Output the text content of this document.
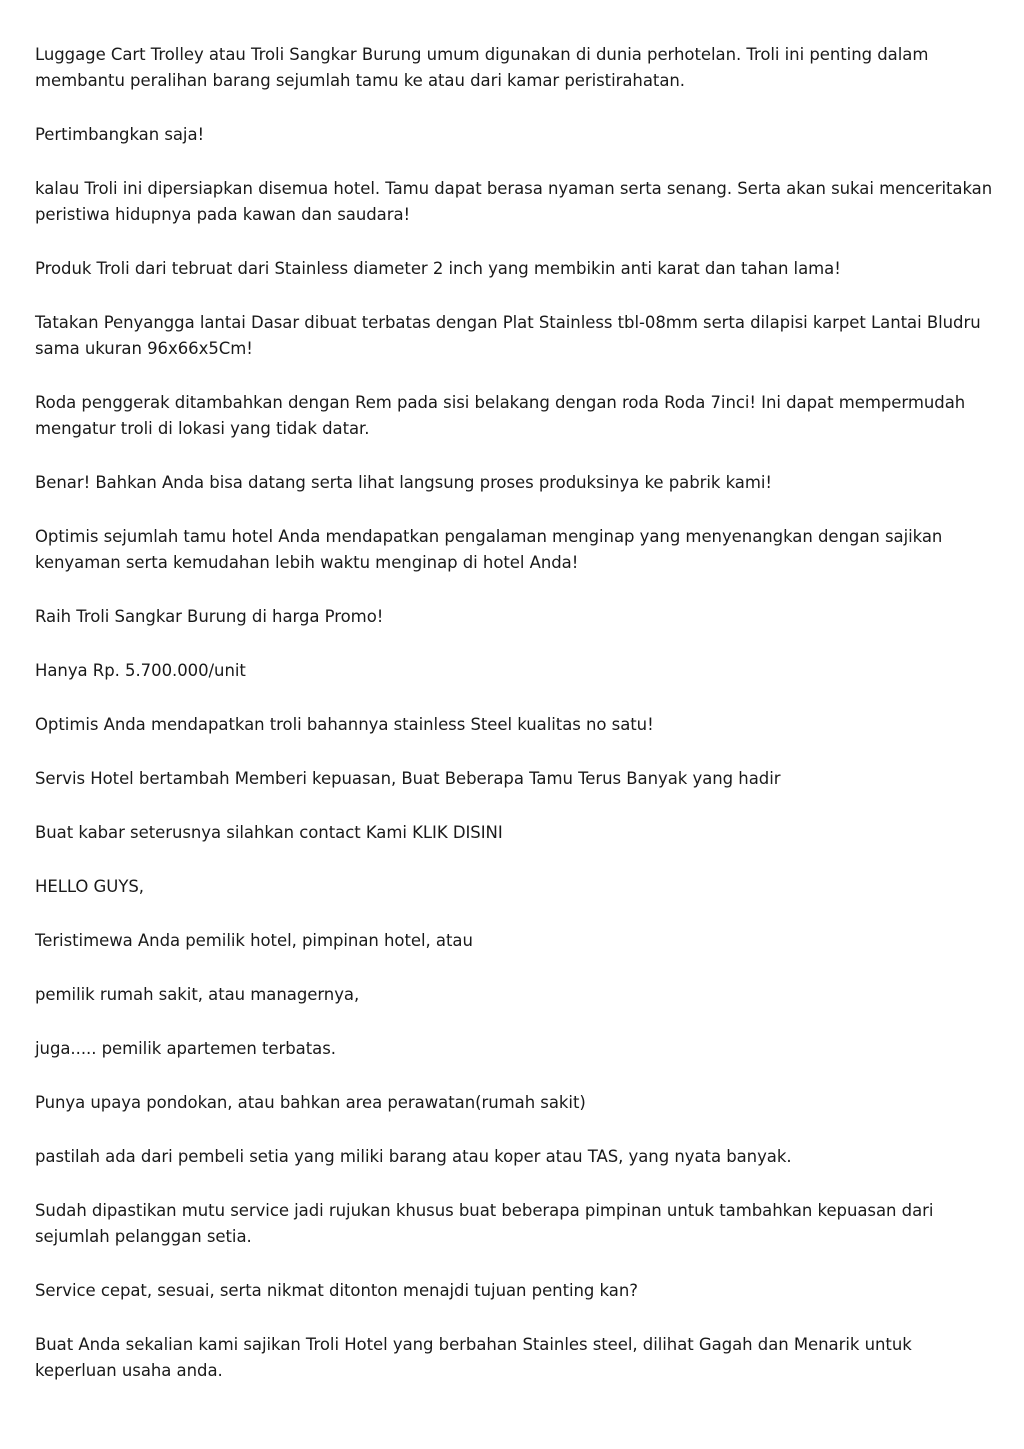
Luggage Cart Trolley atau Troli Sangkar Burung umum digunakan di dunia perhotelan. Troli ini penting dalam membantu peralihan barang sejumlah tamu ke atau dari kamar peristirahatan.

Pertimbangkan saja!

kalau Troli ini dipersiapkan disemua hotel. Tamu dapat berasa nyaman serta senang. Serta akan sukai menceritakan peristiwa hidupnya pada kawan dan saudara!

Produk Troli dari tebruat dari Stainless diameter 2 inch yang membikin anti karat dan tahan lama!

Tatakan Penyangga lantai Dasar dibuat terbatas dengan Plat Stainless tbl-08mm serta dilapisi karpet Lantai Bludru sama ukuran 96x66x5Cm!

Roda penggerak ditambahkan dengan Rem pada sisi belakang dengan roda Roda 7inci! Ini dapat mempermudah mengatur troli di lokasi yang tidak datar.

Benar! Bahkan Anda bisa datang serta lihat langsung proses produksinya ke pabrik kami!

Optimis sejumlah tamu hotel Anda mendapatkan pengalaman menginap yang menyenangkan dengan sajikan kenyaman serta kemudahan lebih waktu menginap di hotel Anda!

Raih Troli Sangkar Burung di harga Promo!

Hanya Rp. 5.700.000/unit

Optimis Anda mendapatkan troli bahannya stainless Steel kualitas no satu!

Servis Hotel bertambah Memberi kepuasan, Buat Beberapa Tamu Terus Banyak yang hadir

Buat kabar seterusnya silahkan contact Kami KLIK DISINI

HELLO GUYS,

Teristimewa Anda pemilik hotel, pimpinan hotel, atau

pemilik rumah sakit, atau managernya,

juga..... pemilik apartemen terbatas.

Punya upaya pondokan, atau bahkan area perawatan(rumah sakit)

pastilah ada dari pembeli setia yang miliki barang atau koper atau TAS, yang nyata banyak.

Sudah dipastikan mutu service jadi rujukan khusus buat beberapa pimpinan untuk tambahkan kepuasan dari sejumlah pelanggan setia.

Service cepat, sesuai, serta nikmat ditonton menajdi tujuan penting kan?

Buat Anda sekalian kami sajikan Troli Hotel yang berbahan Stainles steel, dilihat Gagah dan Menarik untuk keperluan usaha anda.
